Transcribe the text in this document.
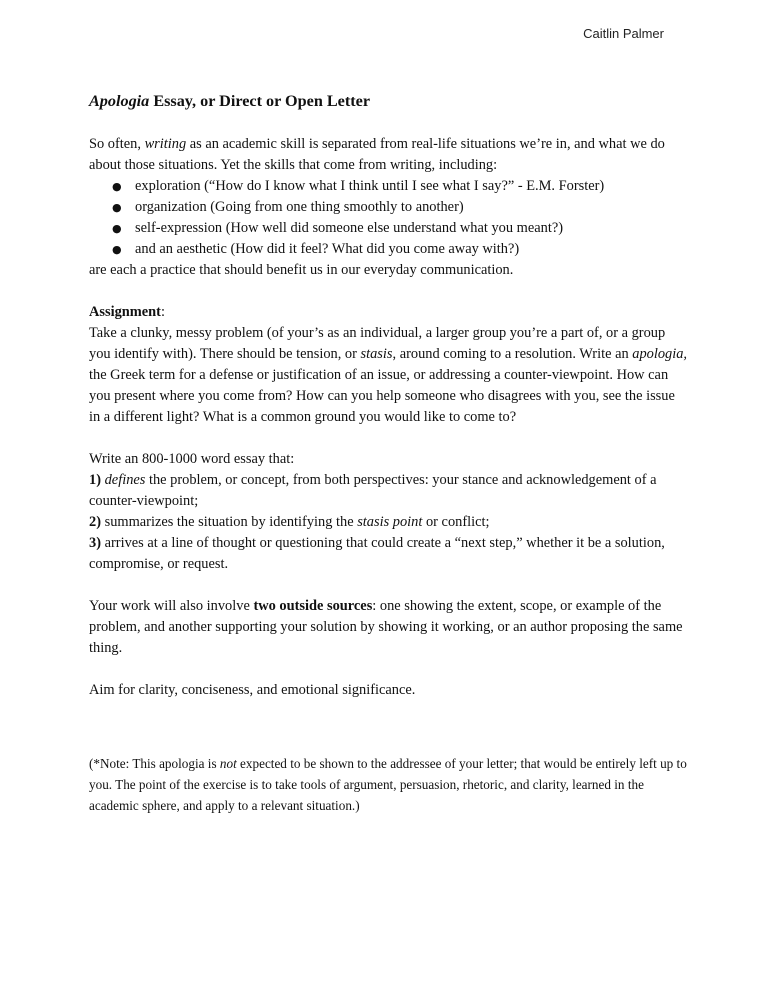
Caitlin Palmer
Apologia Essay, or Direct or Open Letter

So often, writing as an academic skill is separated from real-life situations we’re in, and what we do about those situations. Yet the skills that come from writing, including:

● exploration (“How do I know what I think until I see what I say?” - E.M. Forster)
● organization (Going from one thing smoothly to another)
● self-expression (How well did someone else understand what you meant?)
● and an aesthetic (How did it feel? What did you come away with?)

are each a practice that should benefit us in our everyday communication.

Assignment:

Take a clunky, messy problem (of your’s as an individual, a larger group you’re a part of, or a group you identify with). There should be tension, or stasis, around coming to a resolution. Write an apologia, the Greek term for a defense or justification of an issue, or addressing a counter-viewpoint. How can you present where you come from? How can you help someone who disagrees with you, see the issue in a different light? What is a common ground you would like to come to?

Write an 800-1000 word essay that:

1) defines the problem, or concept, from both perspectives: your stance and acknowledgement of a counter-viewpoint;

2) summarizes the situation by identifying the stasis point or conflict;

3) arrives at a line of thought or questioning that could create a “next step,” whether it be a solution, compromise, or request.

Your work will also involve two outside sources: one showing the extent, scope, or example of the problem, and another supporting your solution by showing it working, or an author proposing the same thing.

Aim for clarity, conciseness, and emotional significance.

(*Note: This apologia is not expected to be shown to the addressee of your letter; that would be entirely left up to you. The point of the exercise is to take tools of argument, persuasion, rhetoric, and clarity, learned in the academic sphere, and apply to a relevant situation.)
